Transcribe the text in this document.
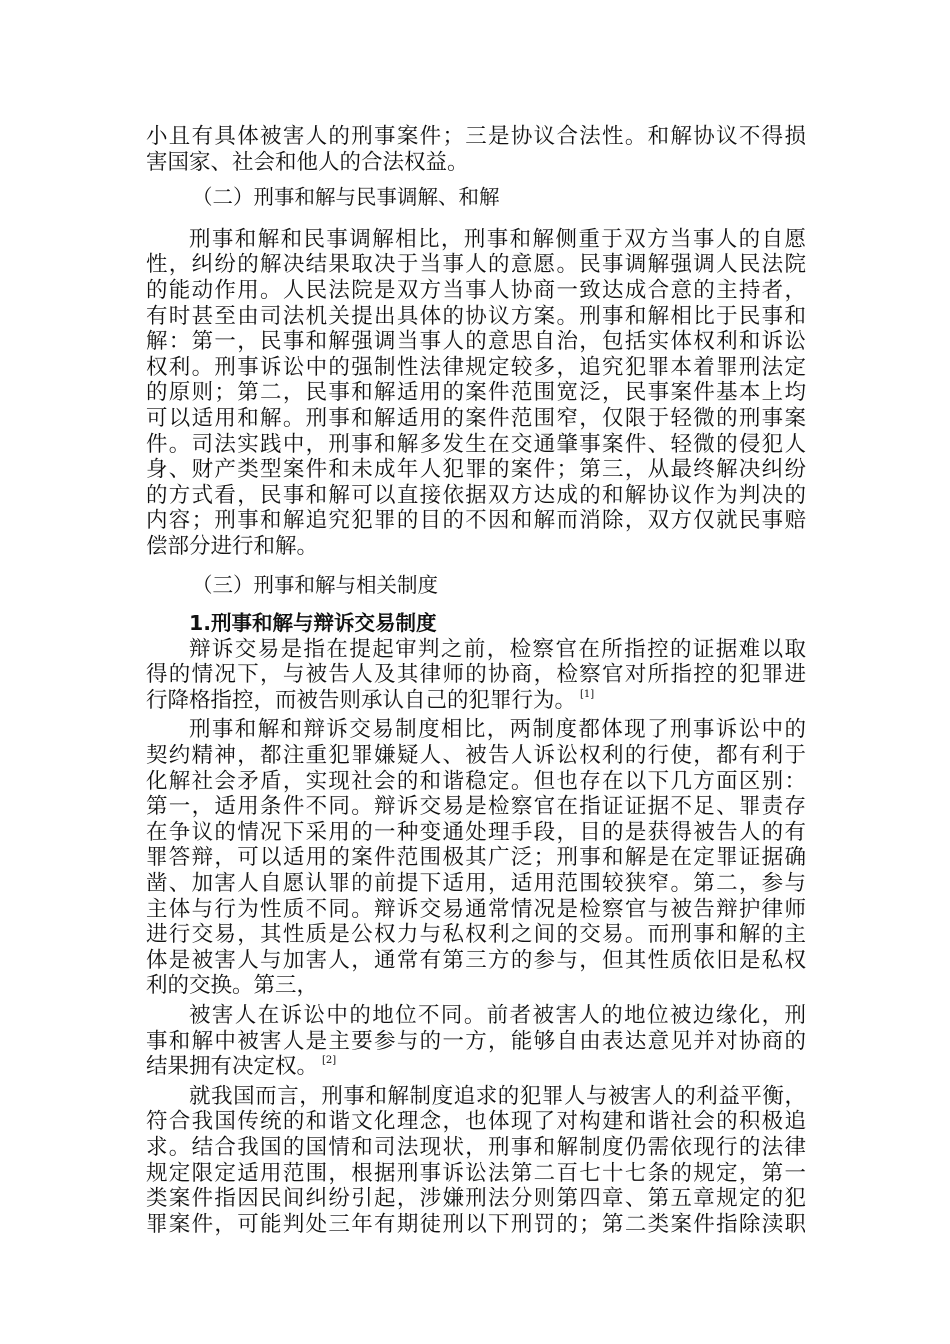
小且有具体被害人的刑事案件；三是协议合法性。和解协议不得损
害国家、社会和他人的合法权益。
（二）刑事和解与民事调解、和解
刑事和解和民事调解相比，刑事和解侧重于双方当事人的自愿
性，纠纷的解决结果取决于当事人的意愿。民事调解强调人民法院
的能动作用。人民法院是双方当事人协商一致达成合意的主持者，
有时甚至由司法机关提出具体的协议方案。刑事和解相比于民事和
解：第一，民事和解强调当事人的意思自治，包括实体权利和诉讼
权利。刑事诉讼中的强制性法律规定较多，追究犯罪本着罪刑法定
的原则；第二，民事和解适用的案件范围宽泛，民事案件基本上均
可以适用和解。刑事和解适用的案件范围窄，仅限于轻微的刑事案
件。司法实践中，刑事和解多发生在交通肇事案件、轻微的侵犯人
身、财产类型案件和未成年人犯罪的案件；第三，从最终解决纠纷
的方式看，民事和解可以直接依据双方达成的和解协议作为判决的
内容；刑事和解追究犯罪的目的不因和解而消除，双方仅就民事赔
偿部分进行和解。
（三）刑事和解与相关制度
1.刑事和解与辩诉交易制度
辩诉交易是指在提起审判之前，检察官在所指控的证据难以取
得的情况下，与被告人及其律师的协商，检察官对所指控的犯罪进
行降格指控，而被告则承认自己的犯罪行为。 [1]
刑事和解和辩诉交易制度相比，两制度都体现了刑事诉讼中的
契约精神，都注重犯罪嫌疑人、被告人诉讼权利的行使，都有利于
化解社会矛盾，实现社会的和谐稳定。但也存在以下几方面区别：
第一，适用条件不同。辩诉交易是检察官在指证证据不足、罪责存
在争议的情况下采用的一种变通处理手段，目的是获得被告人的有
罪答辩，可以适用的案件范围极其广泛；刑事和解是在定罪证据确
凿、加害人自愿认罪的前提下适用，适用范围较狭窄。第二，参与
主体与行为性质不同。辩诉交易通常情况是检察官与被告辩护律师
进行交易，其性质是公权力与私权利之间的交易。而刑事和解的主
体是被害人与加害人，通常有第三方的参与，但其性质依旧是私权
利的交换。第三，
被害人在诉讼中的地位不同。前者被害人的地位被边缘化，刑
事和解中被害人是主要参与的一方，能够自由表达意见并对协商的
结果拥有决定权。 [2]
就我国而言，刑事和解制度追求的犯罪人与被害人的利益平衡，
符合我国传统的和谐文化理念，也体现了对构建和谐社会的积极追
求。结合我国的国情和司法现状，刑事和解制度仍需依现行的法律
规定限定适用范围，根据刑事诉讼法第二百七十七条的规定，第一
类案件指因民间纠纷引起，涉嫌刑法分则第四章、第五章规定的犯
罪案件，可能判处三年有期徒刑以下刑罚的；第二类案件指除渎职
